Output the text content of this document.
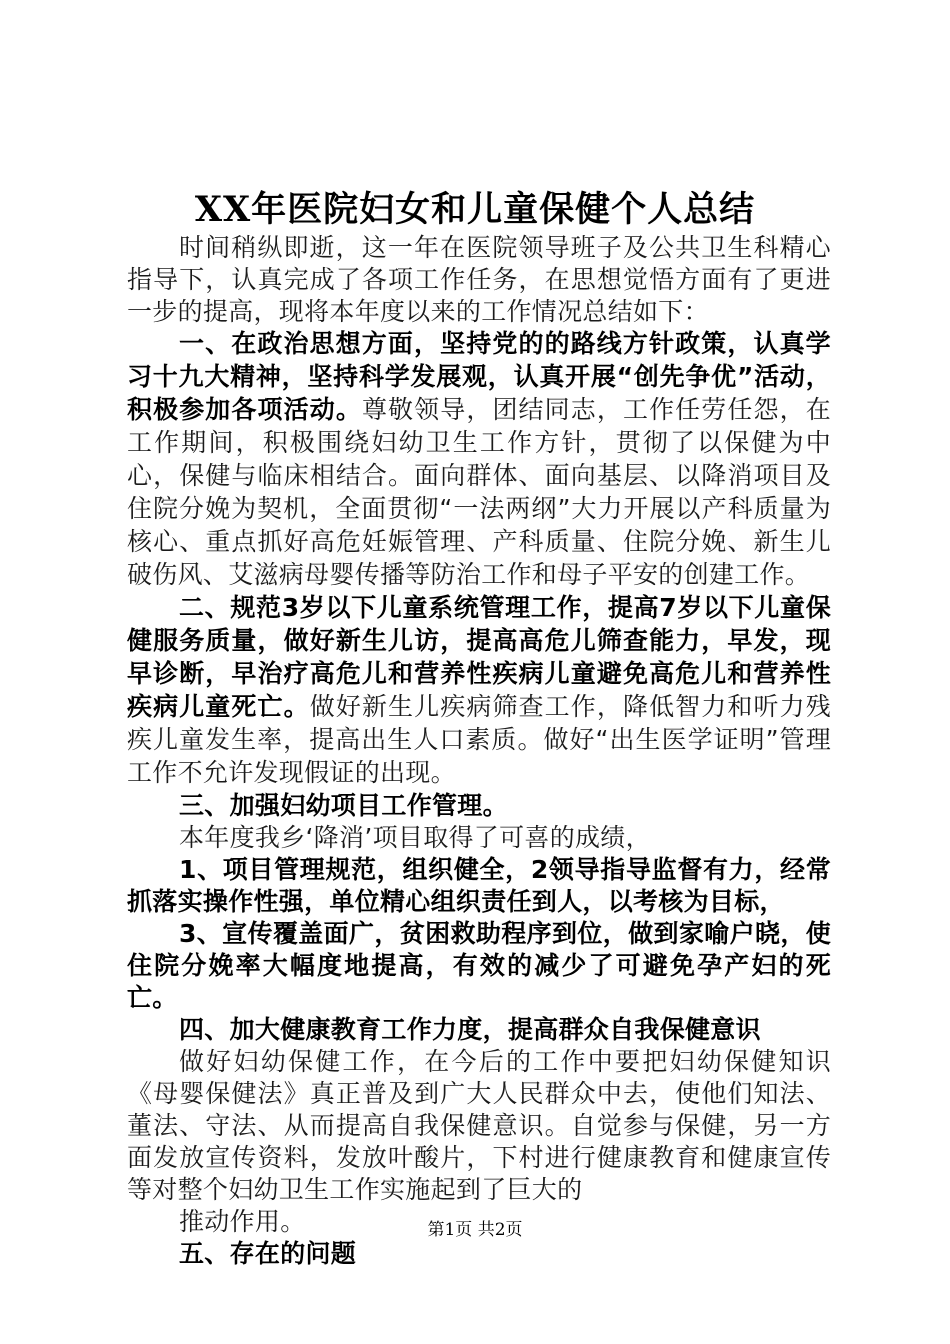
XX年医院妇女和儿童保健个人总结

时间稍纵即逝，这一年在医院领导班子及公共卫生科精心指导下，认真完成了各项工作任务，在思想觉悟方面有了更进一步的提高，现将本年度以来的工作情况总结如下：

一、在政治思想方面，坚持党的的路线方针政策，认真学习十九大精神，坚持科学发展观，认真开展“创先争优”活动，积极参加各项活动。尊敬领导，团结同志，工作任劳任怨，在工作期间，积极围绕妇幼卫生工作方针，贯彻了以保健为中心，保健与临床相结合。面向群体、面向基层、以降消项目及住院分娩为契机，全面贯彻“一法两纲”大力开展以产科质量为核心、重点抓好高危妊娠管理、产科质量、住院分娩、新生儿破伤风、艾滋病母婴传播等防治工作和母子平安的创建工作。

二、规范3岁以下儿童系统管理工作，提高7岁以下儿童保健服务质量，做好新生儿访，提高高危儿筛查能力，早发，现早诊断，早治疗高危儿和营养性疾病儿童避免高危儿和营养性疾病儿童死亡。做好新生儿疾病筛查工作，降低智力和听力残疾儿童发生率，提高出生人口素质。做好“出生医学证明”管理工作不允许发现假证的出现。

三、加强妇幼项目工作管理。

本年度我乡‘降消’项目取得了可喜的成绩，

1、项目管理规范，组织健全，2领导指导监督有力，经常抓落实操作性强，单位精心组织责任到人，以考核为目标，

3、宣传覆盖面广，贫困救助程序到位，做到家喻户晓，使住院分娩率大幅度地提高，有效的减少了可避免孕产妇的死亡。

四、加大健康教育工作力度，提高群众自我保健意识

做好妇幼保健工作，在今后的工作中要把妇幼保健知识《母婴保健法》真正普及到广大人民群众中去，使他们知法、董法、守法、从而提高自我保健意识。自觉参与保健，另一方面发放宣传资料，发放叶酸片，下村进行健康教育和健康宣传等对整个妇幼卫生工作实施起到了巨大的

推动作用。

五、存在的问题

第1页 共2页
